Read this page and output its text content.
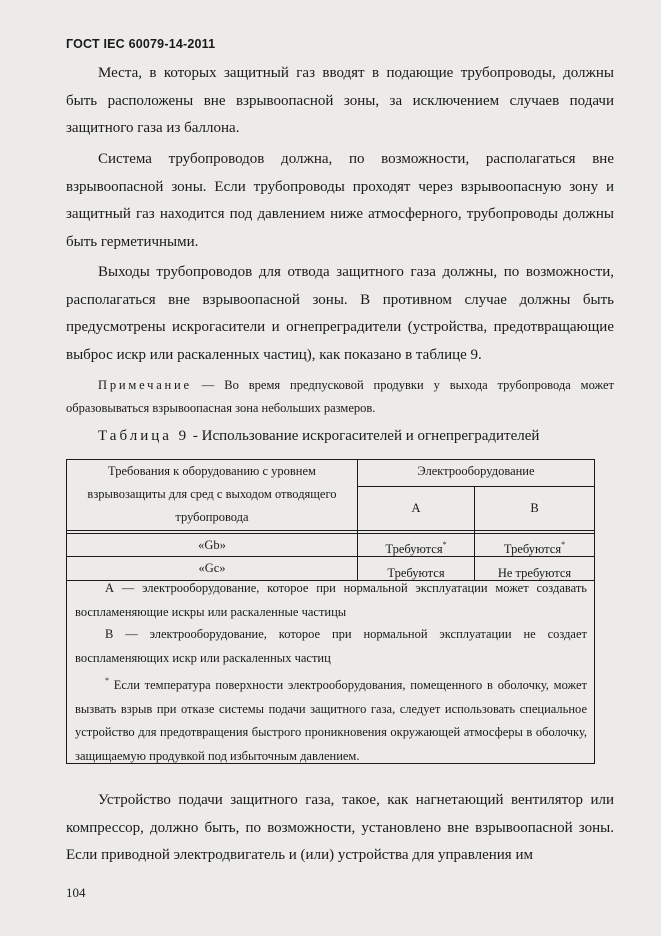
ГОСТ IEC 60079-14-2011

Места, в которых защитный газ вводят в подающие трубопроводы, должны быть расположены вне взрывоопасной зоны, за исключением случаев подачи защитного газа из баллона.

Система трубопроводов должна, по возможности, располагаться вне взрывоопасной зоны. Если трубопроводы проходят через взрывоопасную зону и защитный газ находится под давлением ниже атмосферного, трубопроводы должны быть герметичными.

Выходы трубопроводов для отвода защитного газа должны, по возможности, располагаться вне взрывоопасной зоны. В противном случае должны быть предусмотрены искрогасители и огнепреградители (устройства, предотвращающие выброс искр или раскаленных частиц), как показано в таблице 9.

Примечание — Во время предпусковой продувки у выхода трубопровода может образовываться взрывоопасная зона небольших размеров.

Таблица 9 - Использование искрогасителей и огнепреградителей
Требования к оборудованию с уровнем взрывозащиты для сред с выходом отводящего трубопровода
Электрооборудование
А	В
«Gb»	Требуются*	Требуются*
«Gc»	Требуются	Не требуются

А — электрооборудование, которое при нормальной эксплуатации может создавать воспламеняющие искры или раскаленные частицы

В — электрооборудование, которое при нормальной эксплуатации не создает воспламеняющих искр или раскаленных частиц

* Если температура поверхности электрооборудования, помещенного в оболочку, может вызвать взрыв при отказе системы подачи защитного газа, следует использовать специальное устройство для предотвращения быстрого проникновения окружающей атмосферы в оболочку, защищаемую продувкой под избыточным давлением.

Устройство подачи защитного газа, такое, как нагнетающий вентилятор или компрессор, должно быть, по возможности, установлено вне взрывоопасной зоны. Если приводной электродвигатель и (или) устройства для управления им

104
